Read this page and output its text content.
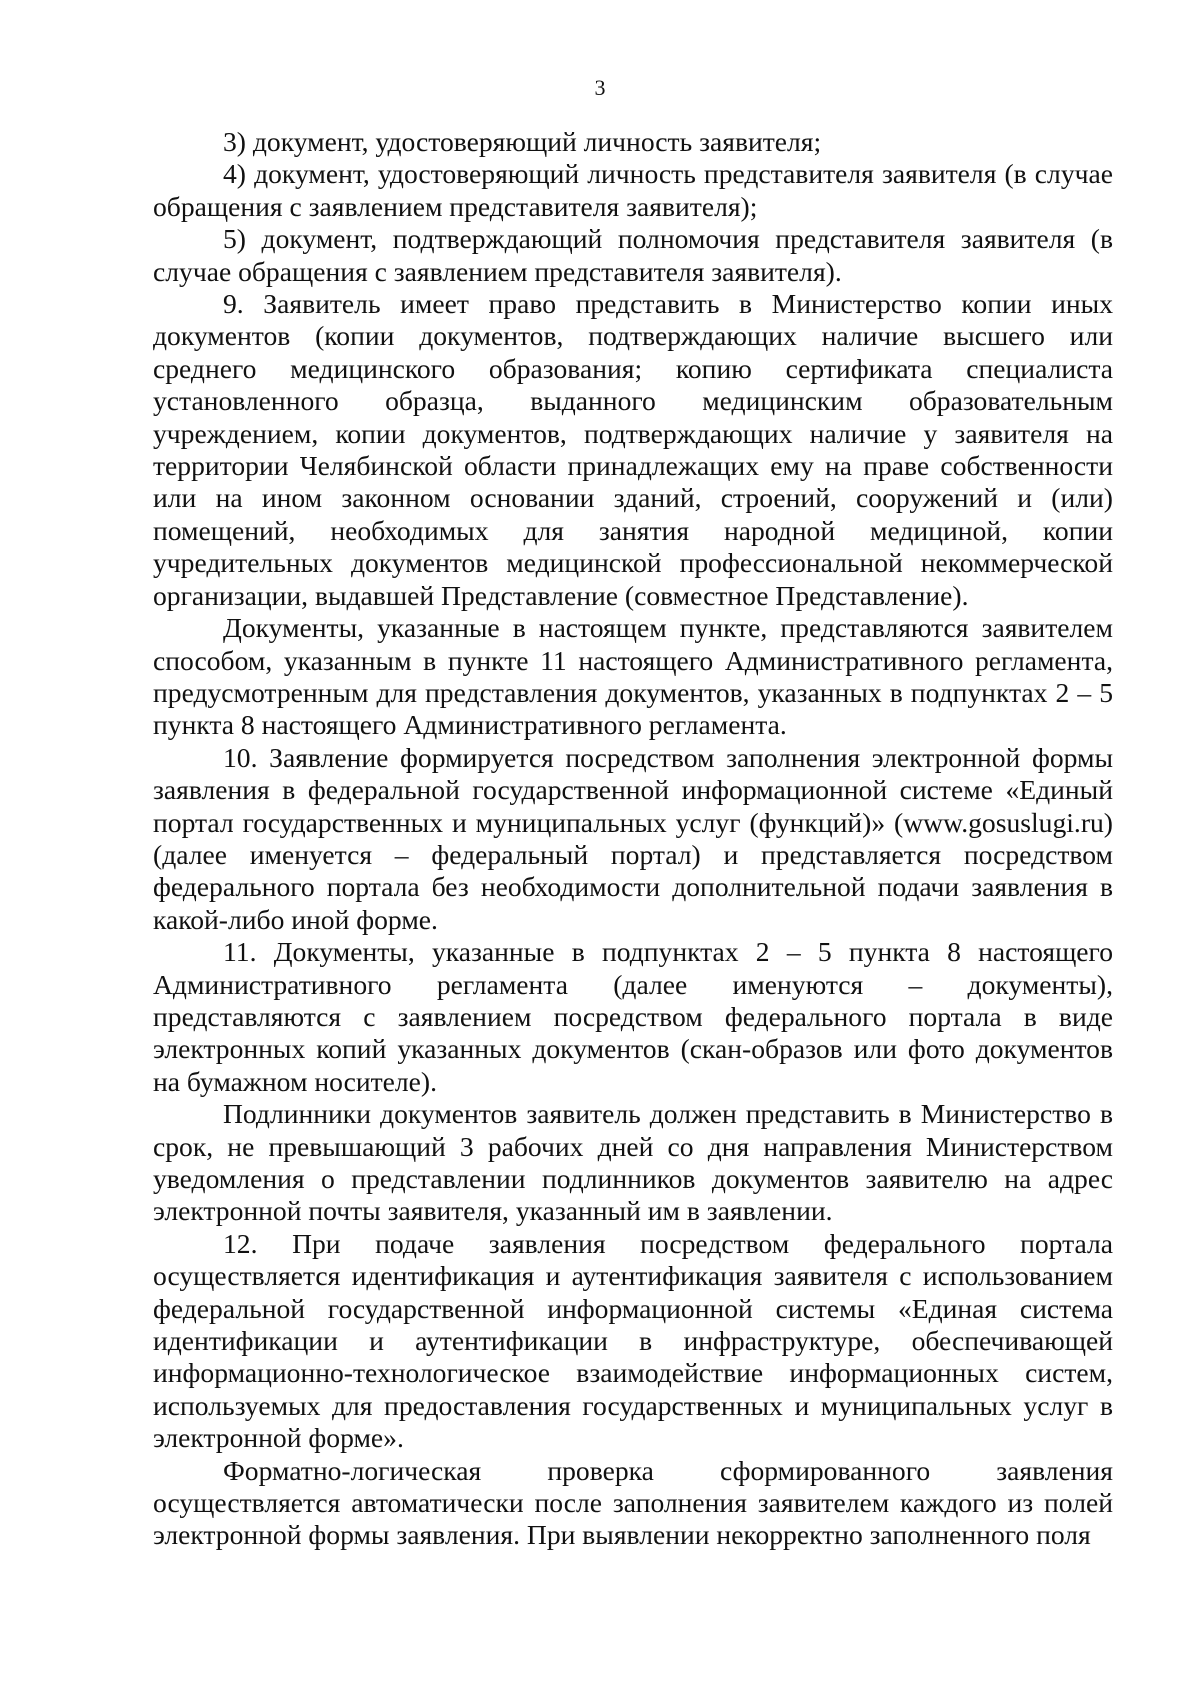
3

3) документ, удостоверяющий личность заявителя;

4) документ, удостоверяющий личность представителя заявителя (в случае обращения с заявлением представителя заявителя);

5) документ, подтверждающий полномочия представителя заявителя (в случае обращения с заявлением представителя заявителя).

9. Заявитель имеет право представить в Министерство копии иных документов (копии документов, подтверждающих наличие высшего или среднего медицинского образования; копию сертификата специалиста установленного образца, выданного медицинским образовательным учреждением, копии документов, подтверждающих наличие у заявителя на территории Челябинской области принадлежащих ему на праве собственности или на ином законном основании зданий, строений, сооружений и (или) помещений, необходимых для занятия народной медициной, копии учредительных документов медицинской профессиональной некоммерческой организации, выдавшей Представление (совместное Представление).

Документы, указанные в настоящем пункте, представляются заявителем способом, указанным в пункте 11 настоящего Административного регламента, предусмотренным для представления документов, указанных в подпунктах 2 – 5 пункта 8 настоящего Административного регламента.

10. Заявление формируется посредством заполнения электронной формы заявления в федеральной государственной информационной системе «Единый портал государственных и муниципальных услуг (функций)» (www.gosuslugi.ru) (далее именуется – федеральный портал) и представляется посредством федерального портала без необходимости дополнительной подачи заявления в какой-либо иной форме.

11. Документы, указанные в подпунктах 2 – 5 пункта 8 настоящего Административного регламента (далее именуются – документы), представляются с заявлением посредством федерального портала в виде электронных копий указанных документов (скан-образов или фото документов на бумажном носителе).

Подлинники документов заявитель должен представить в Министерство в срок, не превышающий 3 рабочих дней со дня направления Министерством уведомления о представлении подлинников документов заявителю на адрес электронной почты заявителя, указанный им в заявлении.

12. При подаче заявления посредством федерального портала осуществляется идентификация и аутентификация заявителя с использованием федеральной государственной информационной системы «Единая система идентификации и аутентификации в инфраструктуре, обеспечивающей информационно-технологическое взаимодействие информационных систем, используемых для предоставления государственных и муниципальных услуг в электронной форме».

Форматно-логическая проверка сформированного заявления осуществляется автоматически после заполнения заявителем каждого из полей электронной формы заявления. При выявлении некорректно заполненного поля
